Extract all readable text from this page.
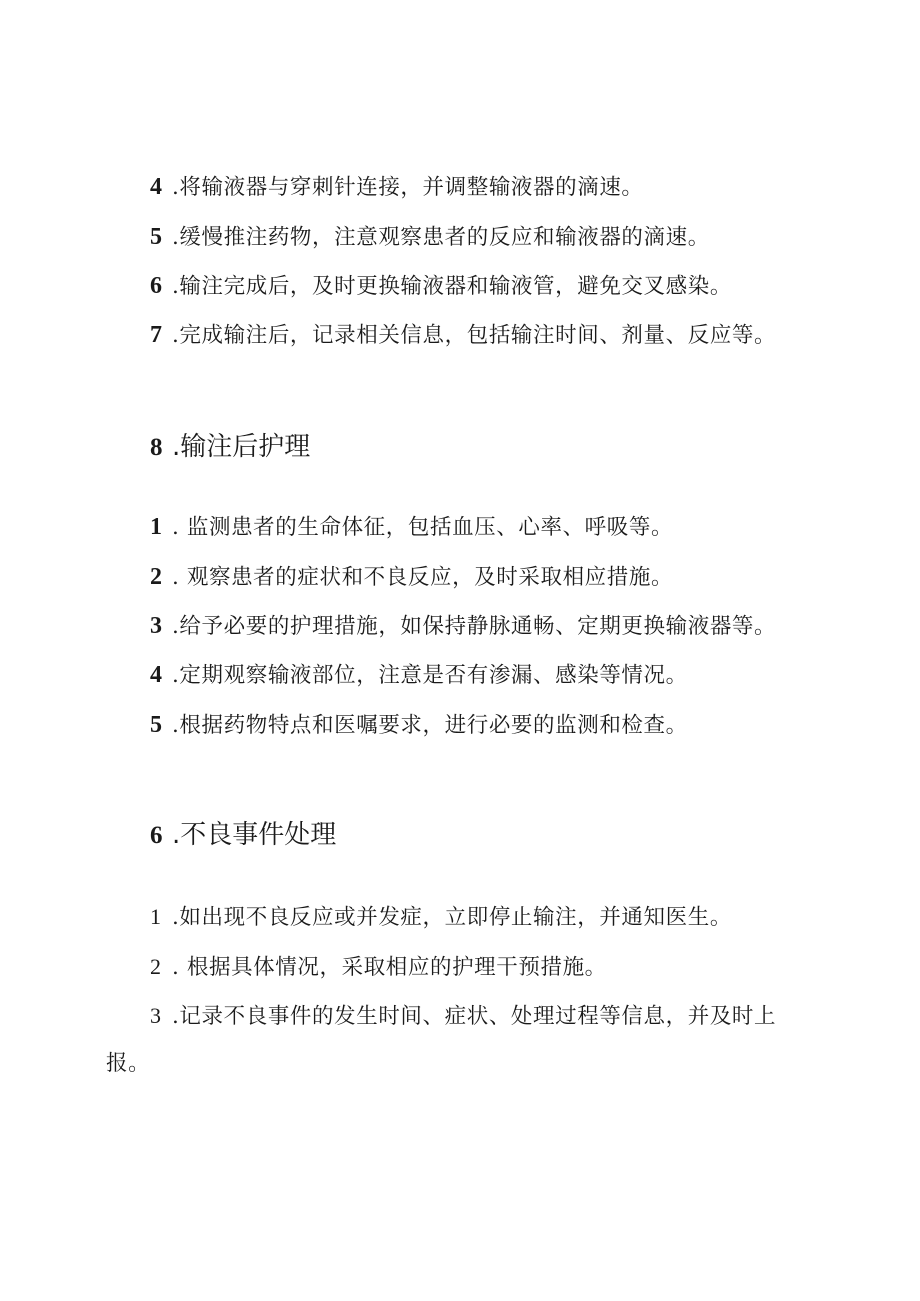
4 .将输液器与穿刺针连接，并调整输液器的滴速。
5 .缓慢推注药物，注意观察患者的反应和输液器的滴速。
6 .输注完成后，及时更换输液器和输液管，避免交叉感染。
7 .完成输注后，记录相关信息，包括输注时间、剂量、反应等。
8 .输注后护理
1 . 监测患者的生命体征，包括血压、心率、呼吸等。
2 . 观察患者的症状和不良反应，及时采取相应措施。
3 .给予必要的护理措施，如保持静脉通畅、定期更换输液器等。
4 .定期观察输液部位，注意是否有渗漏、感染等情况。
5 .根据药物特点和医嘱要求，进行必要的监测和检查。
6 .不良事件处理
1 .如出现不良反应或并发症，立即停止输注，并通知医生。
2 . 根据具体情况，采取相应的护理干预措施。
3 .记录不良事件的发生时间、症状、处理过程等信息，并及时上
报。
